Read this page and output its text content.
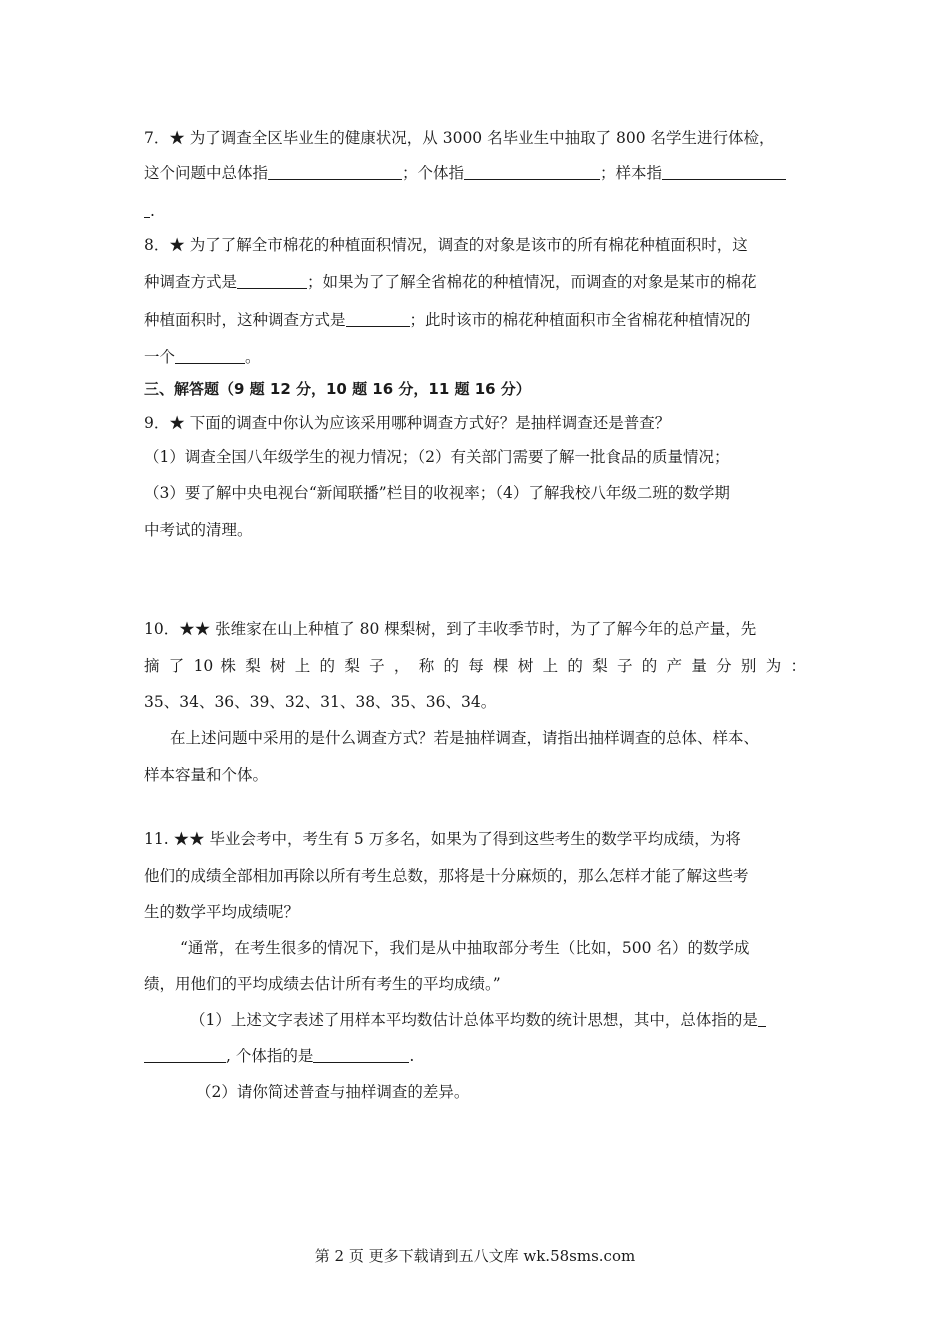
7．★ 为了调查全区毕业生的健康状况，从 3000 名毕业生中抽取了 800 名学生进行体检，
这个问题中总体指	；个体指	；样本指
.
8．★ 为了了解全市棉花的种植面积情况，调查的对象是该市的所有棉花种植面积时，这
种调查方式是	；如果为了了解全省棉花的种植情况，而调查的对象是某市的棉花
种植面积时，这种调查方式是	；此时该市的棉花种植面积市全省棉花种植情况的
一个	。
三、解答题（9 题 12 分，10 题 16 分，11 题 16 分）
9．★ 下面的调查中你认为应该采用哪种调查方式好？是抽样调查还是普查？
（1）调查全国八年级学生的视力情况；（2）有关部门需要了解一批食品的质量情况；
（3）要了解中央电视台“新闻联播”栏目的收视率；（4）了解我校八年级二班的数学期
中考试的清理。
10．★★ 张维家在山上种植了 80 棵梨树，到了丰收季节时，为了了解今年的总产量，先
摘 了 10 株 梨 树 上 的 梨 子 ， 称 的 每 棵 树 上 的 梨 子 的 产 量 分 别 为 ：
35、34、36、39、32、31、38、35、36、34。
在上述问题中采用的是什么调查方式？若是抽样调查，请指出抽样调查的总体、样本、
样本容量和个体。
11. ★★ 毕业会考中，考生有 5 万多名，如果为了得到这些考生的数学平均成绩，为将
他们的成绩全部相加再除以所有考生总数，那将是十分麻烦的，那么怎样才能了解这些考
生的数学平均成绩呢？
“通常，在考生很多的情况下，我们是从中抽取部分考生（比如，500 名）的数学成
绩，用他们的平均成绩去估计所有考生的平均成绩。”
（1）上述文字表述了用样本平均数估计总体平均数的统计思想，其中，总体指的是
, 个体指的是	.
（2）请你简述普查与抽样调查的差异。
第 2 页 更多下载请到五八文库 wk.58sms.com
